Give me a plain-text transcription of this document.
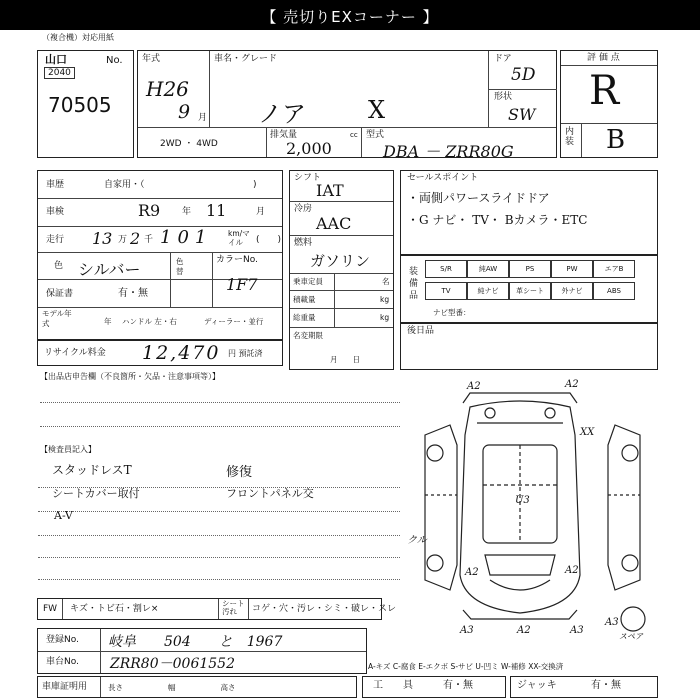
【 売切りEXコーナー 】
（複合機）対応用紙
山口	No.
2040
70505
年式
H26
9 月
車名・グレード
ノア	X
ドア
5D
形状
SW
2WD ・ 4WD
排気量	cc
2,000
型式
DBA － ZRR80G
評 価 点
R
内装 B
車歴	自家用・（	)
車検	R9 年 11	月
走行 13 万 2 千 101 km/マイル	(　　)
色 シルバー	色替
カラーNo.
1F7
保証書	有・無
モデル年式	年 ハンドル 左・右	ディーラー・並行
リサイクル料金 12,470 円 預託済
シフト
IAT
冷房
AAC
燃料
ガソリン
乗車定員	名
積載量	kg
総重量	kg
名変期限
月　　日
セールスポイント
・両側パワースライドドア
・G ナビ・ TV・ Bカメラ・ETC
装備品
ナビ型番：
S/R	純AW	PS	PW	エアB
TV	純ナビ	革シート	外ナビ	ABS
後日品
【出品店申告欄（不良箇所・欠品・注意事項等）】
【検査員記入】
スタッドレスT
シートカバー取付
A-V
修復
フロントパネル交
A2	A2
XX
U3
A2	A2
A3	A2	A3
A3
クル
スペア
FW キズ・トビ石・割レ×
シート汚れ	コゲ・穴・汚レ・シミ・破レ・スレ
登録No. 岐阜　　504　　と　1967
車台No. ZRR80－0061552	A-キズ C-腐食 E-エクボ S-サビ U-凹ミ W-補修 XX-交換済
車庫証明用	長さ　　　　　　幅　　　　　　高さ	工　　具	有・無	ジャッキ	有・無
